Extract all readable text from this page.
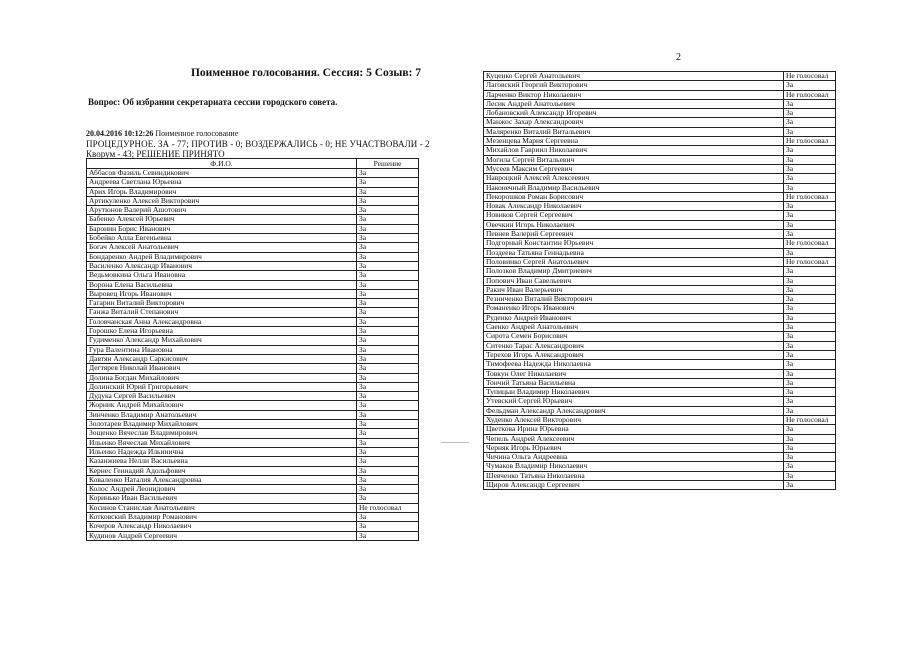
2
Поименное голосования. Сессия: 5 Созыв: 7
Вопрос: Об избрании секретариата сессии городского совета.
20.04.2016 10:12:26 Поименное голосование
ПРОЦЕДУРНОЕ. ЗА - 77; ПРОТИВ - 0; ВОЗДЕРЖАЛИСЬ - 0; НЕ УЧАСТВОВАЛИ - 2
Кворум - 43; РЕШЕНИЕ ПРИНЯТО
Ф.И.О.	Решение
Аббасов Фазиль Севиндикович	За
Андреева Светлана Юрьевна	За
Арих Игорь Владимирович	За
Артикуленко Алексей Викторович	За
Арутюнов Валерий Ашотович	За
Бабенко Алексей Юрьевич	За
Баронин Борис Иванович	За
Бобейко Алла Евгеньевна	За
Богач Алексей Анатольевич	За
Бондаренко Андрей Владимирович	За
Василенко Александр Иванович	За
Ведьмовкина Ольга Ивановна	За
Ворона Елена Васильевна	За
Выровец Игорь Иванович	За
Гагарин Виталий Викторович	За
Ганжа Виталий Степанович	За
Головчанская Анна Александровна	За
Горошко Елена Игорьевна	За
Гудименко Александр Михайлович	За
Гура Валентина Ивановна	За
Давтян Александр Саркисович	За
Дегтярев Николай Иванович	За
Долина Богдан Михайлович	За
Долинский Юрий Григорьевич	За
Дудука Сергей Васильевич	За
Жорник Андрей Михайлович	За
Зинченко Владимир Анатольевич	За
Золотарев Владимир Михайлович	За
Зощенко Вячеслав Владимирович	За
Ильенко Вячеслав Михайлович	За
Ильенко Надежда Ильинична	За
Казанжиева Нелли Васильевна	За
Кернес Геннадий Адольфович	За
Коваленко Наталия Александровна	За
Колос Андрей Леонидович	За
Коринько Иван Васильевич	За
Косинов Станислав Анатольевич	Не голосовал
Котковский Владимир Романович	За
Кочеров Александр Николаевич	За
Кудинов Андрей Сергеевич	За
Куценко Сергей Анатольевич	Не голосовал
Лаговский Георгий Викторович	За
Ларченко Виктор Николаевич	Не голосовал
Лесик Андрей Анатольевич	За
Лобановский Александр Игоревич	За
Манжос Захар Александрович	За
Маляренко Виталий Витальевич	За
Мезенцева Мария Сергеевна	Не голосовал
Михайлов Гавриил Николаевич	За
Могила Сергей Витальевич	За
Мусеев Максим Сергеевич	За
Навроцкий Алексей Алексеевич	За
Наконечный Владимир Васильевич	За
Пекорошков Роман Борисович	Не голосовал
Новак Александр Николаевич	За
Новиков Сергей Сергеевич	За
Овечкин Игорь Николаевич	За
Певнев Валерий Сергеевич	За
Подгорный Константин Юрьевич	Не голосовал
Поздеева Татьяна Геннадьевна	За
Половинко Сергей Анатольевич	Не голосовал
Полозков Владимир Дмитриевич	За
Попович Иван Савельевич	За
Ракич Иван Валерьевич	За
Резниченко Виталий Викторович	За
Романенко Игорь Иванович	За
Руденко Андрей Иванович	За
Саенко Андрей Анатольевич	За
Сирота Семен Борисович	За
Ситенко Тарас Александрович	За
Терехов Игорь Александрович	За
Тимофеева Надежда Николаевна	За
Товкун Олег Николаевич	За
Тончий Татьяна Васильевна	За
Тупицын Владимир Николаевич	За
Утевский Сергей Юрьевич	За
Фельдман Александр Александрович	За
Худенко Алексей Викторович	Не голосовал
Цветкова Ирина Юрьевна	За
Чепель Андрей Алексеевич	За
Черняк Игорь Юрьевич	За
Чичина Ольга Андреевна	За
Чумаков Владимир Николаевич	За
Шевченко Татьяна Николаевна	За
Щиров Александр Сергеевич	За
